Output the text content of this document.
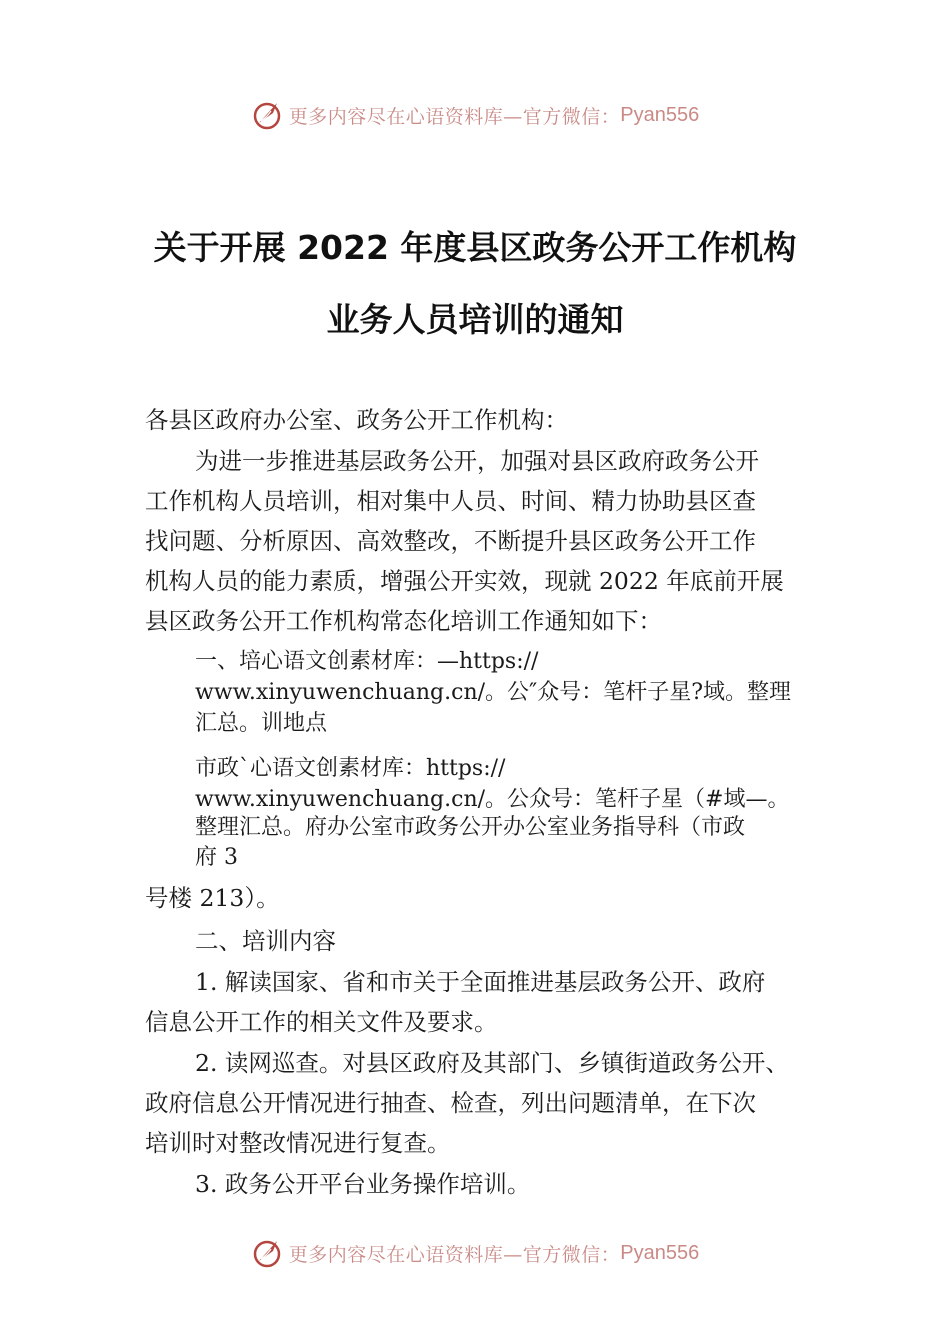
更多内容尽在心语资料库—官方微信： Pyan556
关于开展 2022 年度县区政务公开工作机构
业务人员培训的通知
各县区政府办公室、政务公开工作机构：
为进一步推进基层政务公开，加强对县区政府政务公开
工作机构人员培训，相对集中人员、时间、精力协助县区查
找问题、分析原因、高效整改，不断提升县区政务公开工作
机构人员的能力素质，增强公开实效，现就 2022 年底前开展
县区政务公开工作机构常态化培训工作通知如下：
一、培心语文创素材库：—https://
www.xinyuwenchuang.cn/。公″众号：笔杆子星?域。整理
汇总。训地点
市政`心语文创素材库：https://
www.xinyuwenchuang.cn/。公众号：笔杆子星（#域—。
整理汇总。府办公室市政务公开办公室业务指导科（市政
府 3
号楼 213）。
二、培训内容
1. 解读国家、省和市关于全面推进基层政务公开、政府
信息公开工作的相关文件及要求。
2. 读网巡查。对县区政府及其部门、乡镇街道政务公开、
政府信息公开情况进行抽查、检查，列出问题清单，在下次
培训时对整改情况进行复查。
3. 政务公开平台业务操作培训。
更多内容尽在心语资料库—官方微信： Pyan556
